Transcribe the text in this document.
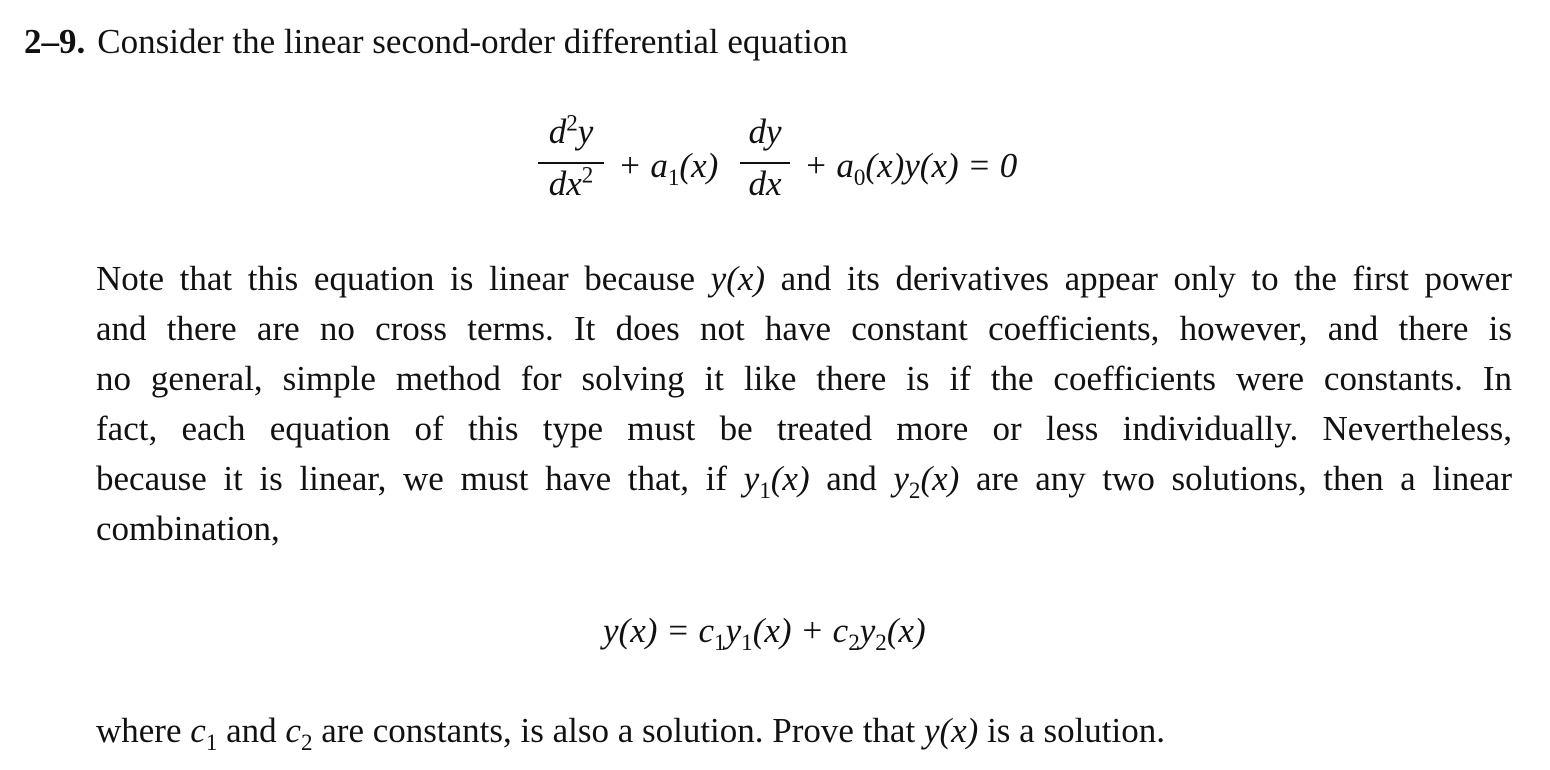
2–9. Consider the linear second-order differential equation
$d^2y$
$dx^2 + a_1(x)$
dy
dx + $a_0(x)y(x) = 0$
Note that this equation is linear because y(x) and its derivatives appear only to the first power
and there are no cross terms. It does not have constant coefficients, however, and there is
no general, simple method for solving it like there is if the coefficients were constants. In
fact, each equation of this type must be treated more or less individually. Nevertheless,
because it is linear, we must have that, if $y_1(x)$ and $y_2(x)$ are any two solutions, then a linear
combination,
$y(x) = c_1y_1(x) + c_2y_2(x)$
where $c_1$ and $c_2$ are constants, is also a solution. Prove that y(x) is a solution.
